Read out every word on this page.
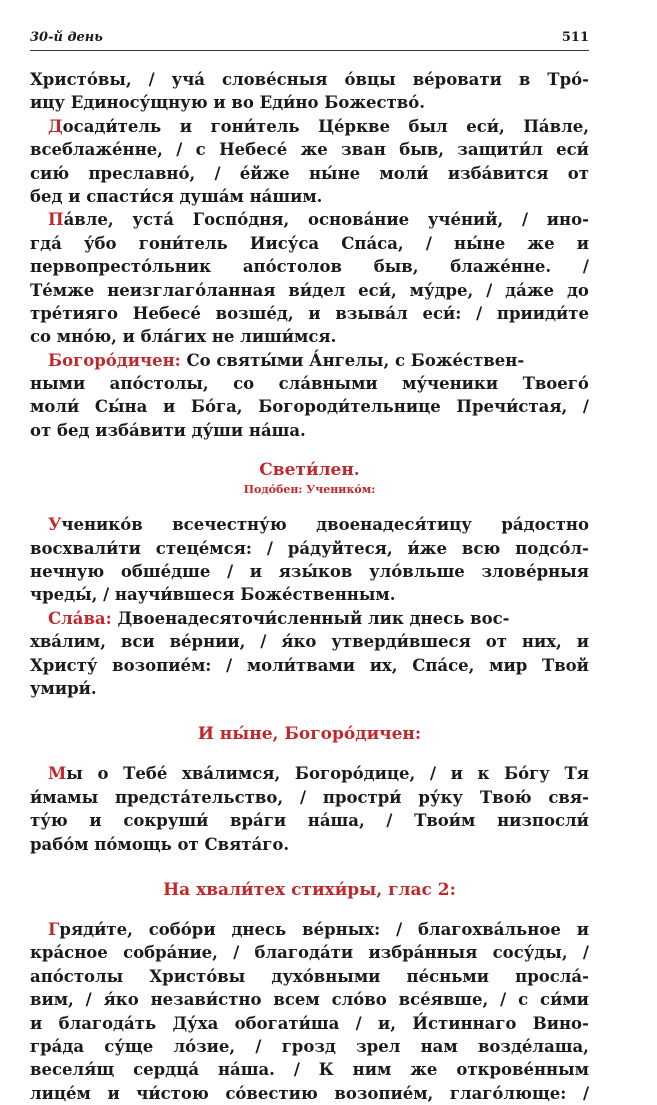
30-й день	511
Христо́вы, / уча́ слове́сныя о́вцы ве́ровати в Тро́-
ицу Единосу́щную и во Еди́но Божество́.
Досади́тель и гони́тель Це́ркве был еси́, Па́вле,
всеблаже́нне, / с Небесе́ же зван быв, защити́л еси́
сию́ преславно́, / е́йже ны́не моли́ изба́вится от
бед и спасти́ся душа́м на́шим.
Па́вле, уста́ Госпо́дня, основа́ние уче́ний, / ино-
гда́ у́бо гони́тель Иису́са Спа́са, / ны́не же и
первопресто́льник апо́столов быв, блаже́нне. /
Те́мже неизглаго́ланная ви́дел еси́, му́дре, / да́же до
тре́тияго Небесе́ возше́д, и взыва́л еси́: / прииди́те
со мно́ю, и бла́гих не лиши́мся.
Богоро́дичен: Со святы́ми А́нгелы, с Боже́ствен-
ными апо́столы, со сла́вными му́ченики Твоего́
моли́ Сы́на и Бо́га, Богороди́тельнице Пречи́стая, /
от бед изба́вити ду́ши на́ша.
Свети́лен.
Подо́бен: Ученико́м:
Ученико́в всечестну́ю двоенадеся́тицу ра́достно
восхвали́ти стеце́мся: / ра́дуйтеся, и́же всю подсо́л-
нечную обше́дше / и язы́ков уло́вльше злове́рныя
чреды́, / научи́вшеся Боже́ственным.
Сла́ва: Двоенадесяточи́сленный лик днесь вос-
хва́лим, вси ве́рнии, / я́ко утверди́вшеся от них, и
Христу́ возопие́м: / моли́твами их, Спа́се, мир Твой
умири́.
И ны́не, Богоро́дичен:
Мы о Тебе́ хва́лимся, Богоро́дице, / и к Бо́гу Тя
и́мамы предста́тельство, / простри́ ру́ку Твою́ свя-
ту́ю и сокруши́ вра́ги на́ша, / Твои́м низпосли́
рабо́м по́мощь от Свята́го.
На хвали́тех стихи́ры, глас 2:
Гряди́те, собо́ри днесь ве́рных: / благохва́льное и
кра́сное собра́ние, / благода́ти избра́нныя сосу́ды, /
апо́столы Христо́вы духо́вными пе́сньми просла́-
вим, / я́ко незави́стно всем сло́во все́явше, / с си́ми
и благода́ть Ду́ха обогати́ша / и, И́стиннаго Вино-
гра́да су́ще ло́зие, / грозд зрел нам возде́лаша,
веселя́щ сердца́ на́ша. / К ним же открове́нным
лице́м и чи́стою со́вестию возопие́м, глаго́люще: /
